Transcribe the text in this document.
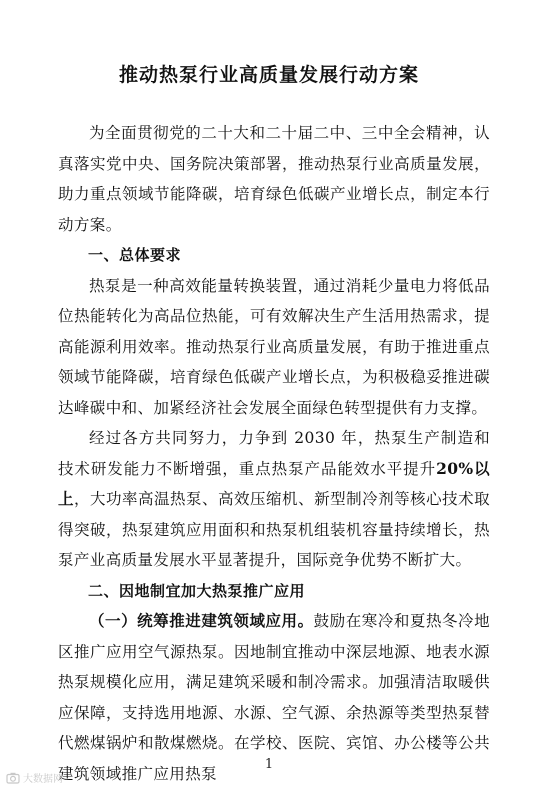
推动热泵行业高质量发展行动方案

为全面贯彻党的二十大和二十届二中、三中全会精神，认真落实党中央、国务院决策部署，推动热泵行业高质量发展，助力重点领域节能降碳，培育绿色低碳产业增长点，制定本行动方案。

一、总体要求

热泵是一种高效能量转换装置，通过消耗少量电力将低品位热能转化为高品位热能，可有效解决生产生活用热需求，提高能源利用效率。推动热泵行业高质量发展，有助于推进重点领域节能降碳，培育绿色低碳产业增长点，为积极稳妥推进碳达峰碳中和、加紧经济社会发展全面绿色转型提供有力支撑。

经过各方共同努力，力争到 2030 年，热泵生产制造和技术研发能力不断增强，重点热泵产品能效水平提升20%以上，大功率高温热泵、高效压缩机、新型制冷剂等核心技术取得突破，热泵建筑应用面积和热泵机组装机容量持续增长，热泵产业高质量发展水平显著提升，国际竞争优势不断扩大。

二、因地制宜加大热泵推广应用

（一）统筹推进建筑领域应用。鼓励在寒冷和夏热冬冷地区推广应用空气源热泵。因地制宜推动中深层地源、地表水源热泵规模化应用，满足建筑采暖和制冷需求。加强清洁取暖供应保障，支持选用地源、水源、空气源、余热源等类型热泵替代燃煤锅炉和散煤燃烧。在学校、医院、宾馆、办公楼等公共建筑领域推广应用热泵	1
大数据网
